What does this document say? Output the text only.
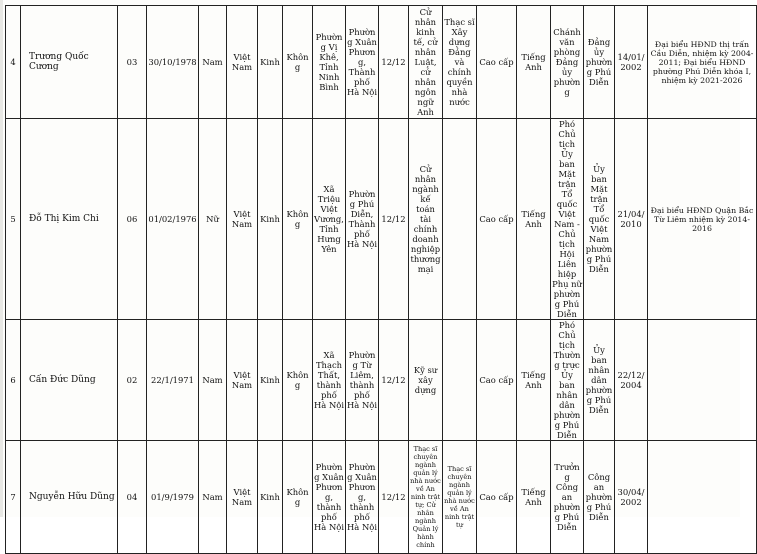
4	Trương Quốc Cương	03	30/10/1978	Nam	Việt Nam	Kinh	Không	Phường Vị Khê, Tỉnh Ninh Bình	Phường Xuân Phương, Thành phố Hà Nội	12/12	Cử nhân kinh tế, cử nhân Luật, cử nhân ngôn ngữ Anh	Thạc sĩ Xây dựng Đảng và chính quyền nhà nước	Cao cấp	Tiếng Anh	Chánh văn phòng Đảng ủy phường	Đảng ủy phường Phú Diễn	14/01/2002	Đại biểu HĐND thị trấn Cầu Diễn, nhiệm kỳ 2004-2011; Đại biểu HĐND phường Phú Diễn khóa I, nhiệm kỳ 2021-2026
5	Đỗ Thị Kim Chi	06	01/02/1976	Nữ	Việt Nam	Kinh	Không	Xã Triệu Việt Vương, Tỉnh Hưng Yên	Phường Phú Diễn, Thành phố Hà Nội	12/12	Cử nhân ngành kế toán tài chính doanh nghiệp thương mại		Cao cấp	Tiếng Anh	Phó Chủ tịch Ủy ban Mặt trận Tổ quốc Việt Nam - Chủ tịch Hội Liên hiệp Phụ nữ phường Phú Diễn	Ủy ban Mặt trận Tổ quốc Việt Nam phường Phú Diễn	21/04/2010	Đại biểu HĐND Quận Bắc Từ Liêm nhiệm kỳ 2014-2016
6	Cấn Đức Dũng	02	22/1/1971	Nam	Việt Nam	Kinh	Không	Xã Thạch Thất, thành phố Hà Nội	Phường Từ Liêm, thành phố Hà Nội	12/12	Kỹ sư xây dựng		Cao cấp	Tiếng Anh	Phó Chủ tịch Thường trực Ủy ban nhân dân phường Phú Diễn	Ủy ban nhân dân phường Phú Diễn	22/12/2004	
7	Nguyễn Hữu Dũng	04	01/9/1979	Nam	Việt Nam	Kinh	Không	Phường Xuân Phương, thành phố Hà Nội	Phường Xuân Phương, thành phố Hà Nội	12/12	Thạc sĩ chuyên ngành quản lý nhà nước về An ninh trật tự; Cử nhân ngành Quản lý hành chính	Thạc sĩ chuyên ngành quản lý nhà nước về An ninh trật tự	Cao cấp	Tiếng Anh	Trưởng Công an phường Phú Diễn	Công an phường Phú Diễn	30/04/2002	
